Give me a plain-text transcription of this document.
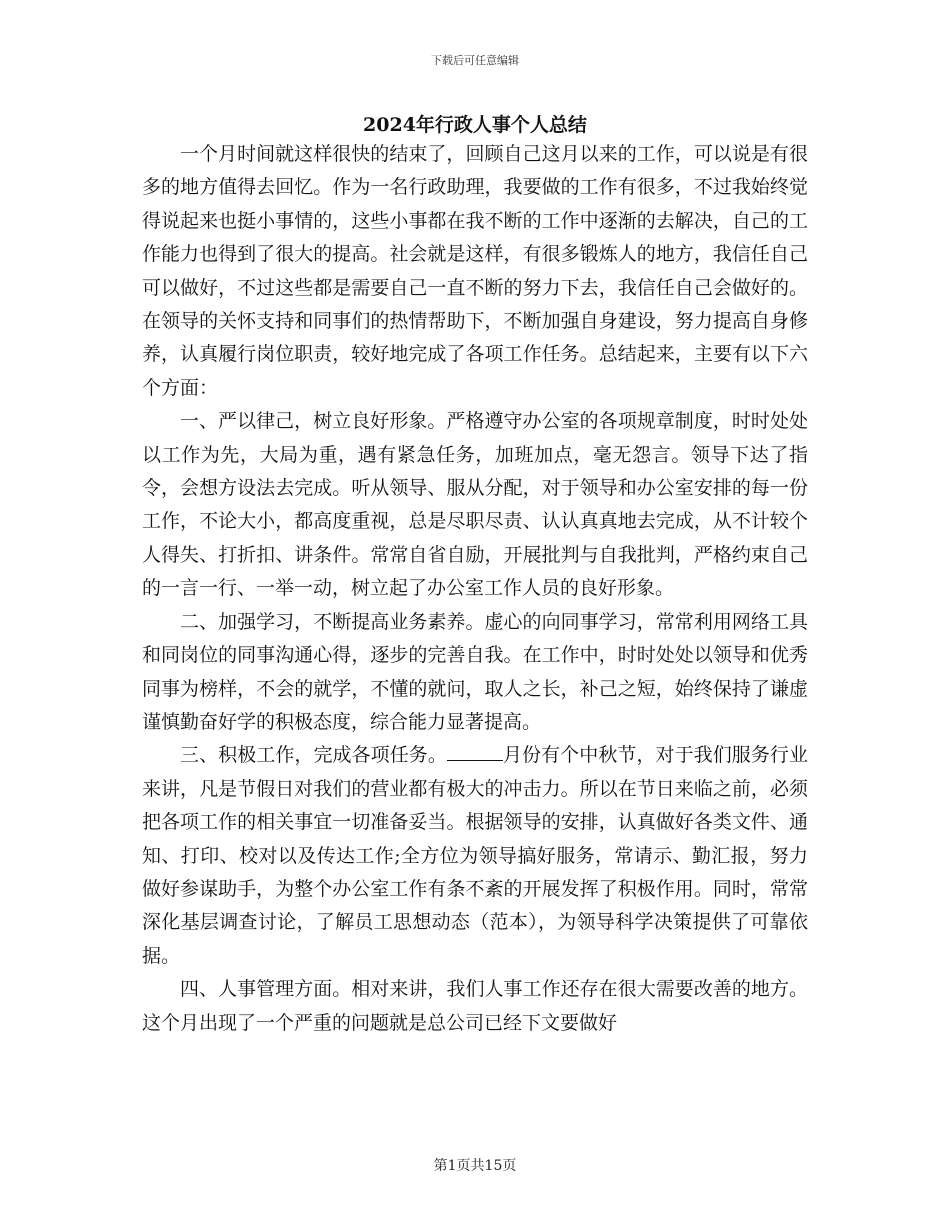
下载后可任意编辑
2024年行政人事个人总结

一个月时间就这样很快的结束了，回顾自己这月以来的工作，可以说是有很多的地方值得去回忆。作为一名行政助理，我要做的工作有很多，不过我始终觉得说起来也挺小事情的，这些小事都在我不断的工作中逐渐的去解决，自己的工作能力也得到了很大的提高。社会就是这样，有很多锻炼人的地方，我信任自己可以做好，不过这些都是需要自己一直不断的努力下去，我信任自己会做好的。在领导的关怀支持和同事们的热情帮助下，不断加强自身建设，努力提高自身修养，认真履行岗位职责，较好地完成了各项工作任务。总结起来，主要有以下六个方面：

一、严以律己，树立良好形象。严格遵守办公室的各项规章制度，时时处处以工作为先，大局为重，遇有紧急任务，加班加点，毫无怨言。领导下达了指令，会想方设法去完成。听从领导、服从分配，对于领导和办公室安排的每一份工作，不论大小，都高度重视，总是尽职尽责、认认真真地去完成，从不计较个人得失、打折扣、讲条件。常常自省自励，开展批判与自我批判，严格约束自己的一言一行、一举一动，树立起了办公室工作人员的良好形象。

二、加强学习，不断提高业务素养。虚心的向同事学习，常常利用网络工具和同岗位的同事沟通心得，逐步的完善自我。在工作中，时时处处以领导和优秀同事为榜样，不会的就学，不懂的就问，取人之长，补己之短，始终保持了谦虚谨慎勤奋好学的积极态度，综合能力显著提高。

三、积极工作，完成各项任务。	月份有个中秋节，对于我们服务行业来讲，凡是节假日对我们的营业都有极大的冲击力。所以在节日来临之前，必须把各项工作的相关事宜一切准备妥当。根据领导的安排，认真做好各类文件、通知、打印、校对以及传达工作;全方位为领导搞好服务，常请示、勤汇报，努力做好参谋助手，为整个办公室工作有条不紊的开展发挥了积极作用。同时，常常深化基层调查讨论，了解员工思想动态（范本），为领导科学决策提供了可靠依据。

四、人事管理方面。相对来讲，我们人事工作还存在很大需要改善的地方。这个月出现了一个严重的问题就是总公司已经下文要做好

第1页共15页
